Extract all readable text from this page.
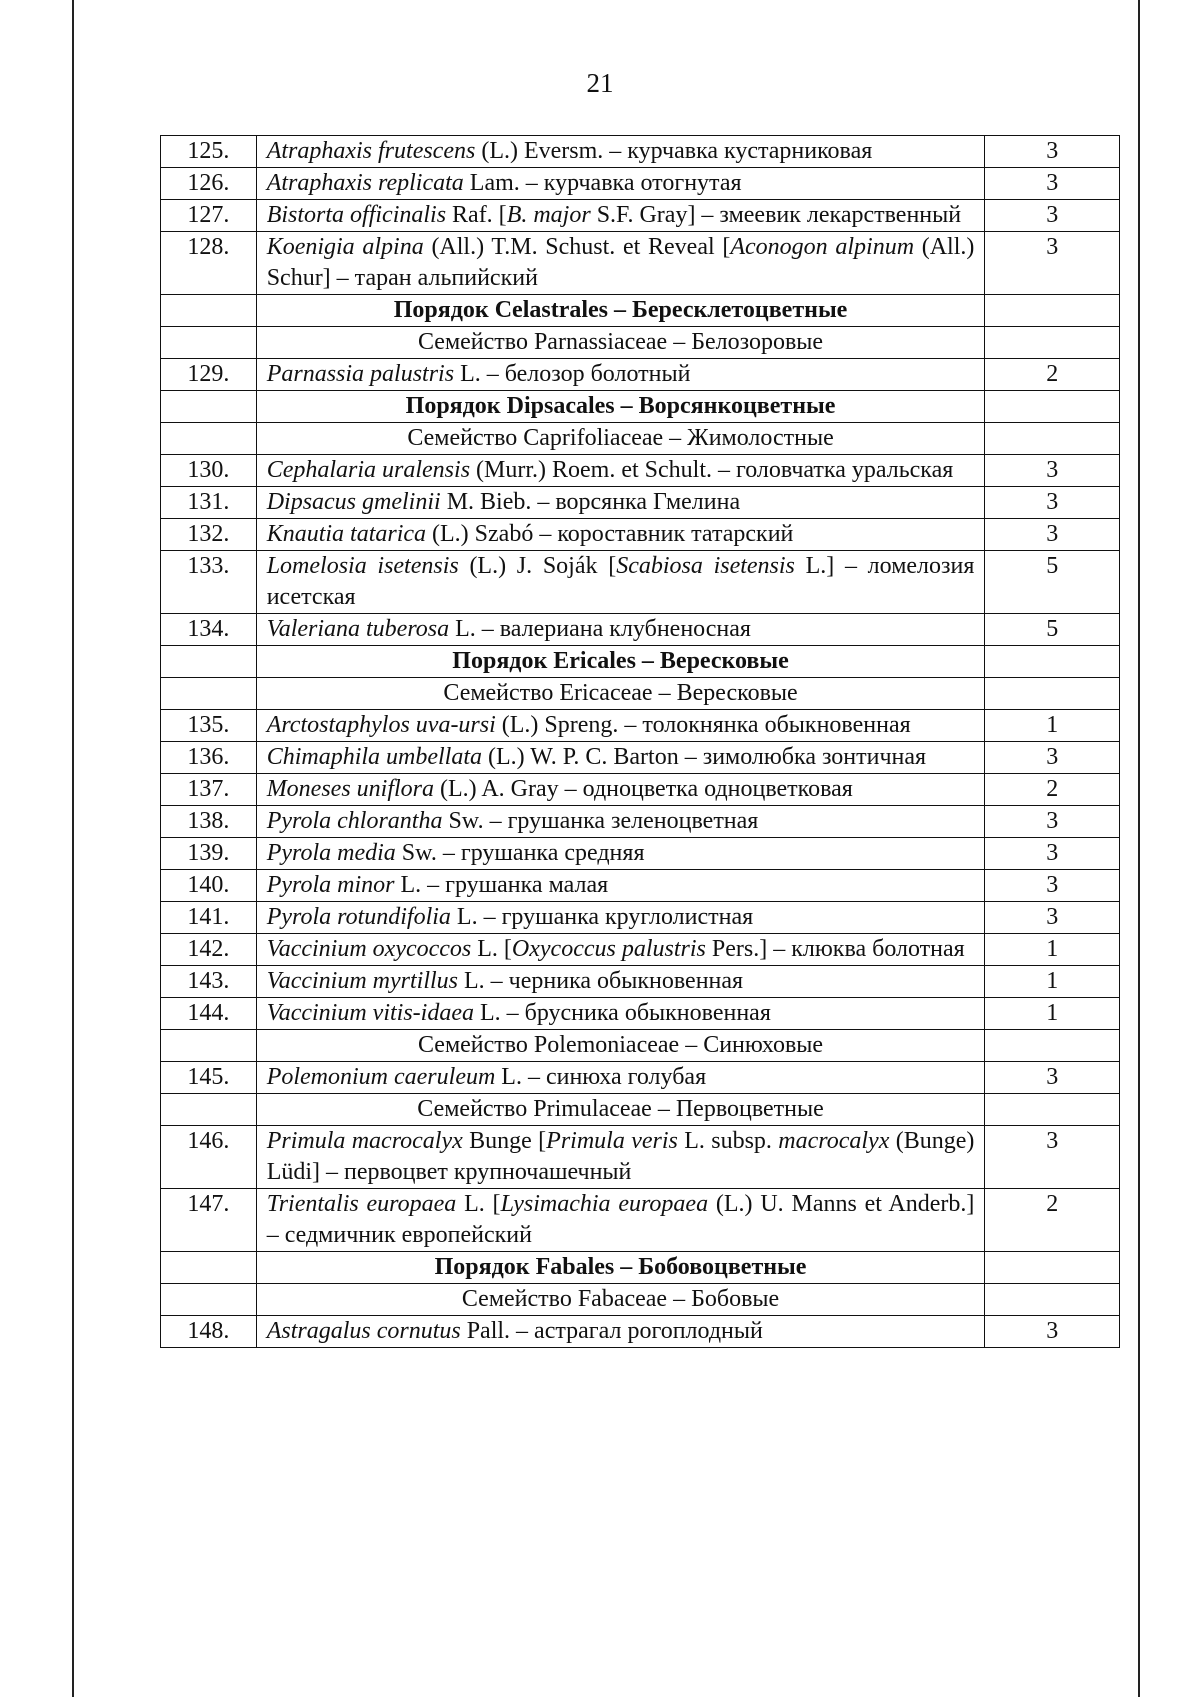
21
125.	Atraphaxis frutescens (L.) Eversm. – курчавка кустарниковая	3
126.	Atraphaxis replicata Lam. – курчавка отогнутая	3
127.	Bistorta officinalis Raf. [B. major S.F. Gray] – змеевик лекарственный	3
128.	Koenigia alpina (All.) T.M. Schust. et Reveal [Aconogon alpinum (All.) Schur] – таран альпийский	3
	Порядок Celastrales – Бересклетоцветные	
	Семейство Parnassiaceae – Белозоровые	
129.	Parnassia palustris L. – белозор болотный	2
	Порядок Dipsacales – Ворсянкоцветные	
	Семейство Caprifoliaceae – Жимолостные	
130.	Cephalaria uralensis (Murr.) Roem. et Schult. – головчатка уральская	3
131.	Dipsacus gmelinii M. Bieb. – ворсянка Гмелина	3
132.	Knautia tatarica (L.) Szabó – короставник татарский	3
133.	Lomelosia isetensis (L.) J. Soják [Scabiosa isetensis L.] – ломелозия исетская	5
134.	Valeriana tuberosa L. – валериана клубненосная	5
	Порядок Ericales – Вересковые	
	Семейство Ericaceae – Вересковые	
135.	Arctostaphylos uva-ursi (L.) Spreng. – толокнянка обыкновенная	1
136.	Chimaphila umbellata (L.) W. P. C. Barton – зимолюбка зонтичная	3
137.	Moneses uniflora (L.) A. Gray – одноцветка одноцветковая	2
138.	Pyrola chlorantha Sw. – грушанка зеленоцветная	3
139.	Pyrola media Sw. – грушанка средняя	3
140.	Pyrola minor L. – грушанка малая	3
141.	Pyrola rotundifolia L. – грушанка круглолистная	3
142.	Vaccinium oxycoccos L. [Oxycoccus palustris Pers.] – клюква болотная	1
143.	Vaccinium myrtillus L. – черника обыкновенная	1
144.	Vaccinium vitis-idaea L. – брусника обыкновенная	1
	Семейство Polemoniaceae – Синюховые	
145.	Polemonium caeruleum L. – синюха голубая	3
	Семейство Primulaceae – Первоцветные	
146.	Primula macrocalyx Bunge [Primula veris L. subsp. macrocalyx (Bunge) Lüdi] – первоцвет крупночашечный	3
147.	Trientalis europaea L. [Lysimachia europaea (L.) U. Manns et Anderb.] – седмичник европейский	2
	Порядок Fabales – Бобовоцветные	
	Семейство Fabaceae – Бобовые	
148.	Astragalus cornutus Pall. – астрагал рогоплодный	3
